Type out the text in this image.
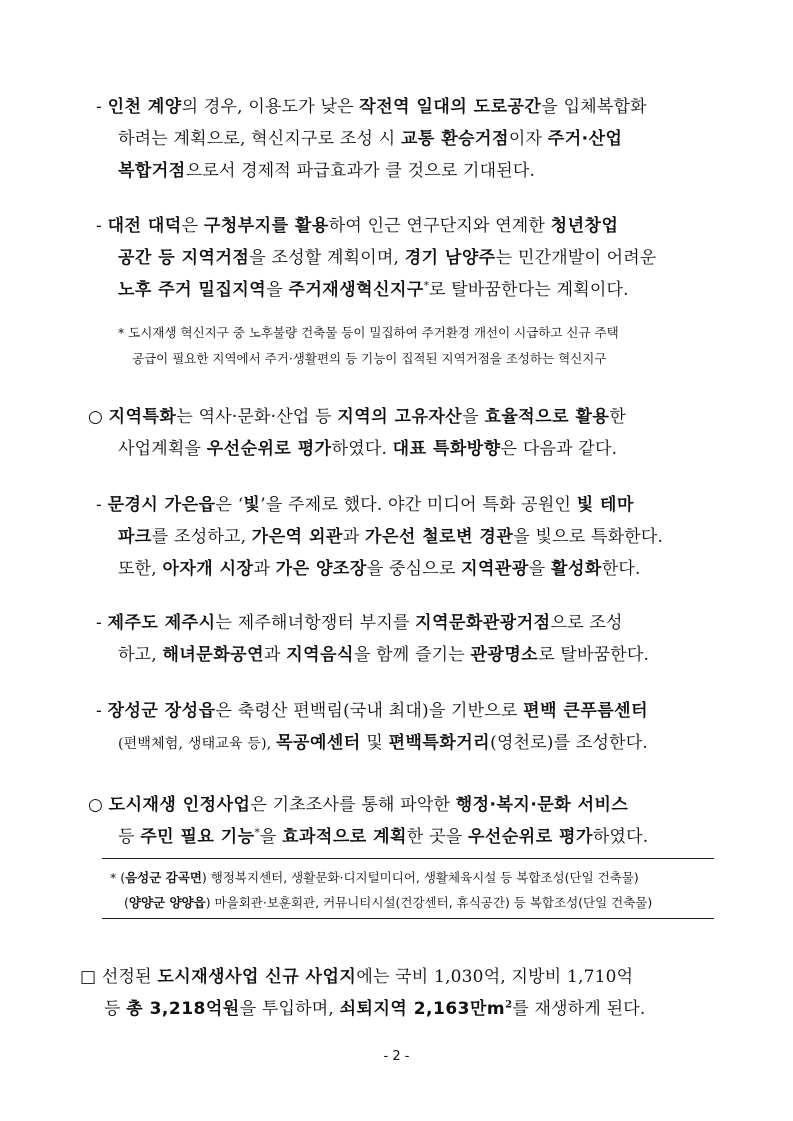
- 인천 계양의 경우, 이용도가 낮은 작전역 일대의 도로공간을 입체복합화
하려는 계획으로, 혁신지구로 조성 시 교통 환승거점이자 주거·산업
복합거점으로서 경제적 파급효과가 클 것으로 기대된다.
- 대전 대덕은 구청부지를 활용하여 인근 연구단지와 연계한 청년창업
공간 등 지역거점을 조성할 계획이며, 경기 남양주는 민간개발이 어려운
노후 주거 밀집지역을 주거재생혁신지구*로 탈바꿈한다는 계획이다.
* 도시재생 혁신지구 중 노후불량 건축물 등이 밀집하여 주거환경 개선이 시급하고 신규 주택
공급이 필요한 지역에서 주거·생활편의 등 기능이 집적된 지역거점을 조성하는 혁신지구
○ 지역특화는 역사·문화·산업 등 지역의 고유자산을 효율적으로 활용한
사업계획을 우선순위로 평가하였다. 대표 특화방향은 다음과 같다.
- 문경시 가은읍은 ‘빛’을 주제로 했다. 야간 미디어 특화 공원인 빛 테마
파크를 조성하고, 가은역 외관과 가은선 철로변 경관을 빛으로 특화한다.
또한, 아자개 시장과 가은 양조장을 중심으로 지역관광을 활성화한다.
- 제주도 제주시는 제주해녀항쟁터 부지를 지역문화관광거점으로 조성
하고, 해녀문화공연과 지역음식을 함께 즐기는 관광명소로 탈바꿈한다.
- 장성군 장성읍은 축령산 편백림(국내 최대)을 기반으로 편백 큰푸름센터
(편백체험, 생태교육 등), 목공예센터 및 편백특화거리(영천로)를 조성한다.
○ 도시재생 인정사업은 기초조사를 통해 파악한 행정·복지·문화 서비스
등 주민 필요 기능*을 효과적으로 계획한 곳을 우선순위로 평가하였다.
* (음성군 감곡면) 행정복지센터, 생활문화·디지털미디어, 생활체육시설 등 복합조성(단일 건축물)
(양양군 양양읍) 마을회관·보훈회관, 커뮤니티시설(건강센터, 휴식공간) 등 복합조성(단일 건축물)
□ 선정된 도시재생사업 신규 사업지에는 국비 1,030억, 지방비 1,710억
등 총 3,218억원을 투입하며, 쇠퇴지역 2,163만$m^2$를 재생하게 된다.
- 2 -
